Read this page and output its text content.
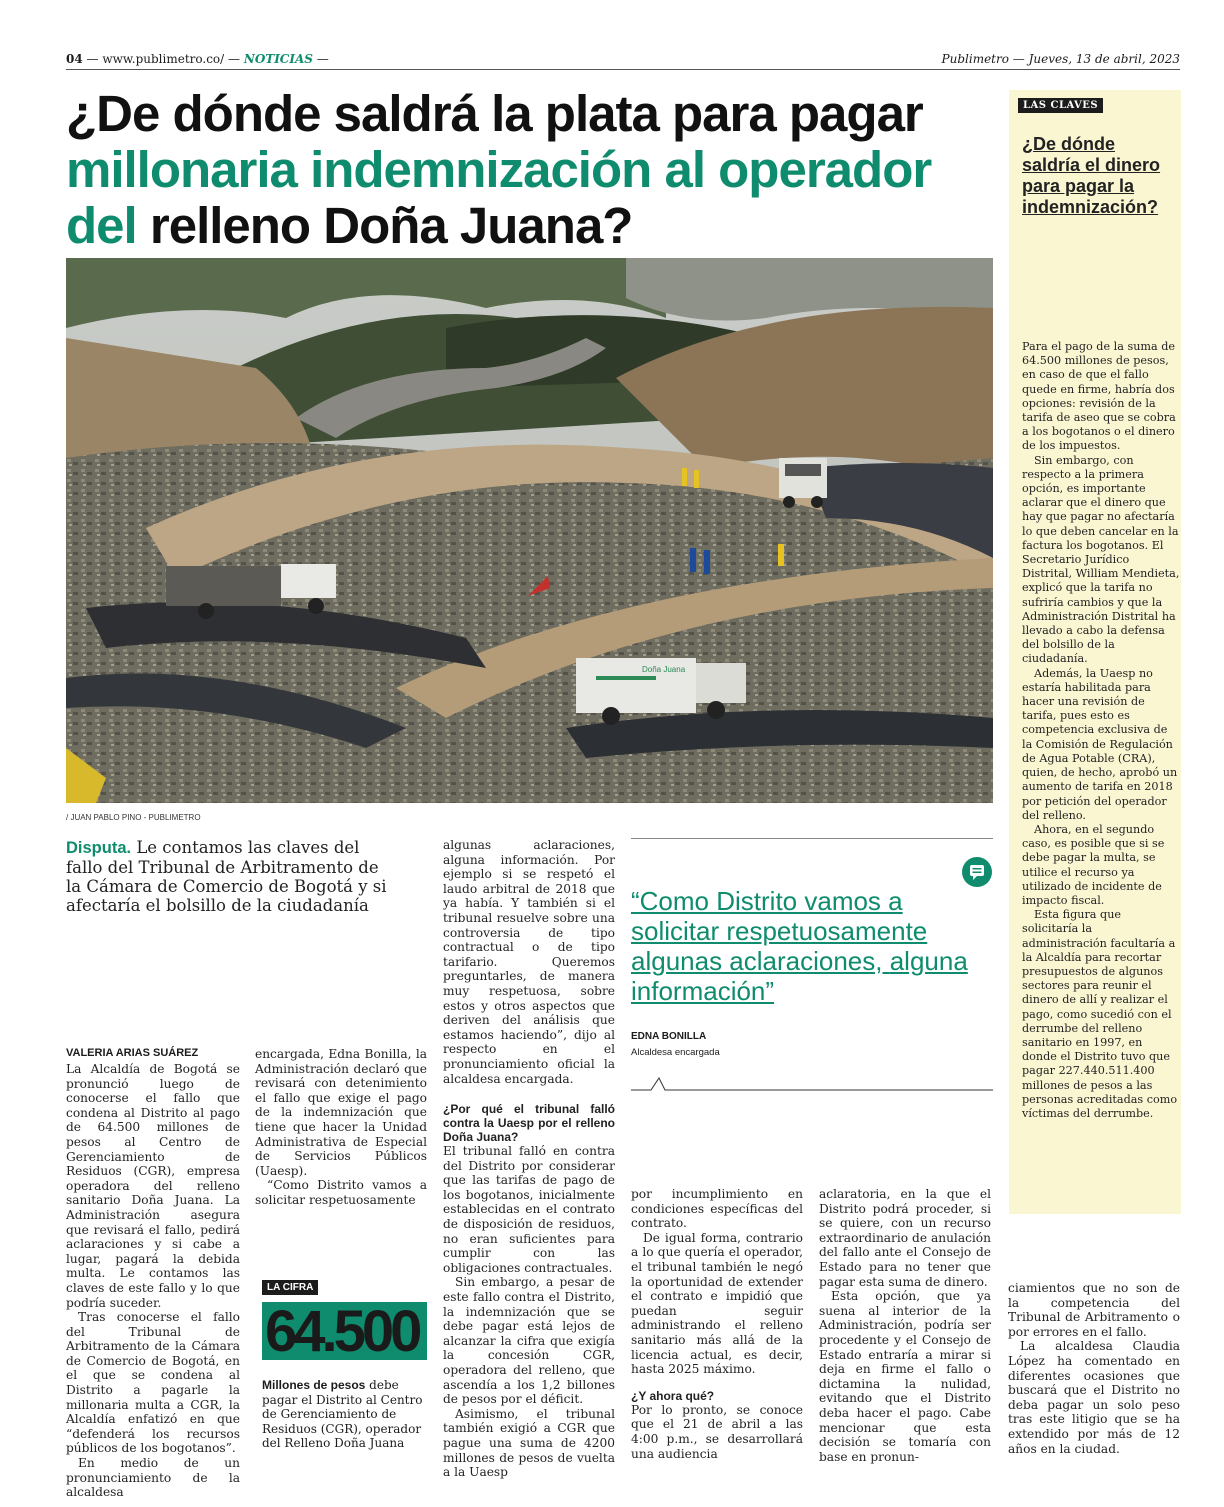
04 — www.publimetro.co/ — NOTICIAS —	Publimetro — Jueves, 13 de abril, 2023
¿De dónde saldrá la plata para pagar millonaria indemnización al operador del relleno Doña Juana?
Doña Juana
/ JUAN PABLO PINO - PUBLIMETRO
LAS CLAVES
¿De dónde saldría el dinero para pagar la indemnización?

Para el pago de la suma de 64.500 millones de pesos, en caso de que el fallo quede en firme, habría dos opciones: revisión de la tarifa de aseo que se cobra a los bogotanos o el dinero de los impuestos.

Sin embargo, con respecto a la primera opción, es importante aclarar que el dinero que hay que pagar no afectaría lo que deben cancelar en la factura los bogotanos. El Secretario Jurídico Distrital, William Mendieta, explicó que la tarifa no sufriría cambios y que la Administración Distrital ha llevado a cabo la defensa del bolsillo de la ciudadanía.

Además, la Uaesp no estaría habilitada para hacer una revisión de tarifa, pues esto es competencia exclusiva de la Comisión de Regulación de Agua Potable (CRA), quien, de hecho, aprobó un aumento de tarifa en 2018 por petición del operador del relleno.

Ahora, en el segundo caso, es posible que si se debe pagar la multa, se utilice el recurso ya utilizado de incidente de impacto fiscal.

Esta figura que solicitaría la administración facultaría a la Alcaldía para recortar presupuestos de algunos sectores para reunir el dinero de allí y realizar el pago, como sucedió con el derrumbe del relleno sanitario en 1997, en donde el Distrito tuvo que pagar 227.440.511.400 millones de pesos a las personas acreditadas como víctimas del derrumbe.

Disputa. Le contamos las claves del fallo del Tribunal de Arbitramento de la Cámara de Comercio de Bogotá y si afectaría el bolsillo de la ciudadanía
VALERIA ARIAS SUÁREZ

La Alcaldía de Bogotá se pronunció luego de conocerse el fallo que condena al Distrito al pago de 64.500 millones de pesos al Centro de Gerenciamiento de Residuos (CGR), empresa operadora del relleno sanitario Doña Juana. La Administración asegura que revisará el fallo, pedirá aclaraciones y si cabe a lugar, pagará la debida multa. Le contamos las claves de este fallo y lo que podría suceder.

Tras conocerse el fallo del Tribunal de Arbitramento de la Cámara de Comercio de Bogotá, en el que se condena al Distrito a pagarle la millonaria multa a CGR, la Alcaldía enfatizó en que “defenderá los recursos públicos de los bogotanos”.

En medio de un pronunciamiento de la alcaldesa

encargada, Edna Bonilla, la Administración declaró que revisará con detenimiento el fallo que exige el pago de la indemnización que tiene que hacer la Unidad Administrativa de Especial de Servicios Públicos (Uaesp).

“Como Distrito vamos a solicitar respetuosamente

LA CIFRA
64.500
Millones de pesos debe pagar el Distrito al Centro de Gerenciamiento de Residuos (CGR), operador del Relleno Doña Juana

algunas aclaraciones, alguna información. Por ejemplo si se respetó el laudo arbitral de 2018 que ya había. Y también si el tribunal resuelve sobre una controversia de tipo contractual o de tipo tarifario. Queremos preguntarles, de manera muy respetuosa, sobre estos y otros aspectos que deriven del análisis que estamos haciendo”, dijo al respecto en el pronunciamiento oficial la alcaldesa encargada.

¿Por qué el tribunal falló contra la Uaesp por el relleno Doña Juana?

El tribunal falló en contra del Distrito por considerar que las tarifas de pago de los bogotanos, inicialmente establecidas en el contrato de disposición de residuos, no eran suficientes para cumplir con las obligaciones contractuales.

Sin embargo, a pesar de este fallo contra el Distrito, la indemnización que se debe pagar está lejos de alcanzar la cifra que exigía la concesión CGR, operadora del relleno, que ascendía a los 1,2 billones de pesos por el déficit.

Asimismo, el tribunal también exigió a CGR que pague una suma de 4200 millones de pesos de vuelta a la Uaesp

“Como Distrito vamos a solicitar respetuosamente algunas aclaraciones, alguna información”
EDNA BONILLA
Alcaldesa encargada

por incumplimiento en condiciones específicas del contrato.

De igual forma, contrario a lo que quería el operador, el tribunal también le negó la oportunidad de extender el contrato e impidió que puedan seguir administrando el relleno sanitario más allá de la licencia actual, es decir, hasta 2025 máximo.

¿Y ahora qué?

Por lo pronto, se conoce que el 21 de abril a las 4:00 p.m., se desarrollará una audiencia

aclaratoria, en la que el Distrito podrá proceder, si se quiere, con un recurso extraordinario de anulación del fallo ante el Consejo de Estado para no tener que pagar esta suma de dinero.

Esta opción, que ya suena al interior de la Administración, podría ser procedente y el Consejo de Estado entraría a mirar si deja en firme el fallo o dictamina la nulidad, evitando que el Distrito deba hacer el pago. Cabe mencionar que esta decisión se tomaría con base en pronun-

ciamientos que no son de la competencia del Tribunal de Arbitramento o por errores en el fallo.

La alcaldesa Claudia López ha comentado en diferentes ocasiones que buscará que el Distrito no deba pagar un solo peso tras este litigio que se ha extendido por más de 12 años en la ciudad.
